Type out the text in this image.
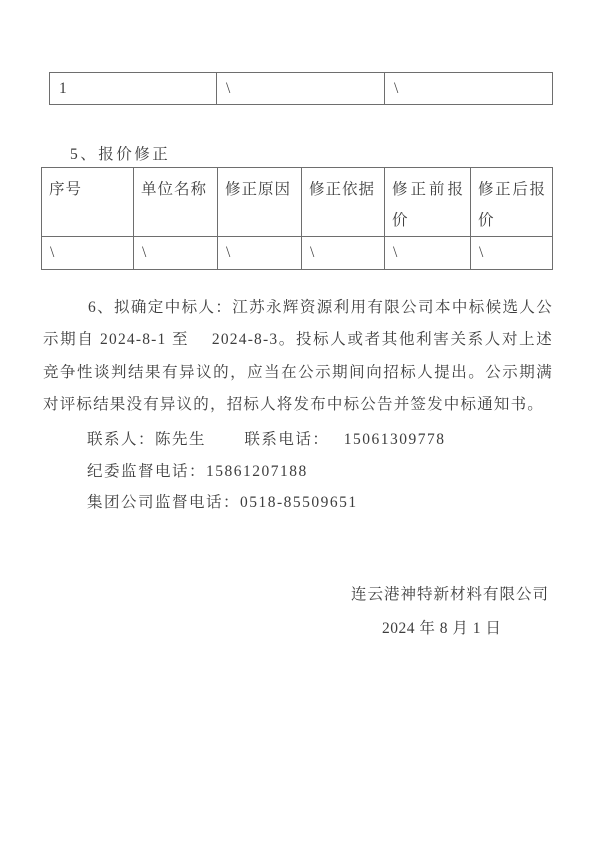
1	\	\
5、报价修正
序号	单位名称	修正原因	修正依据	修正前报价	修正后报价
\	\	\	\	\	\

6、拟确定中标人：江苏永辉资源利用有限公司本中标候选人公示期自 2024-8-1 至 　2024-8-3。投标人或者其他利害关系人对上述竞争性谈判结果有异议的，应当在公示期间向招标人提出。公示期满对评标结果没有异议的，招标人将发布中标公告并签发中标通知书。

联系人：陈先生 联系电话： 15061309778
纪委监督电话：15861207188
集团公司监督电话：0518-85509651
连云港神特新材料有限公司
2024 年 8 月 1 日
